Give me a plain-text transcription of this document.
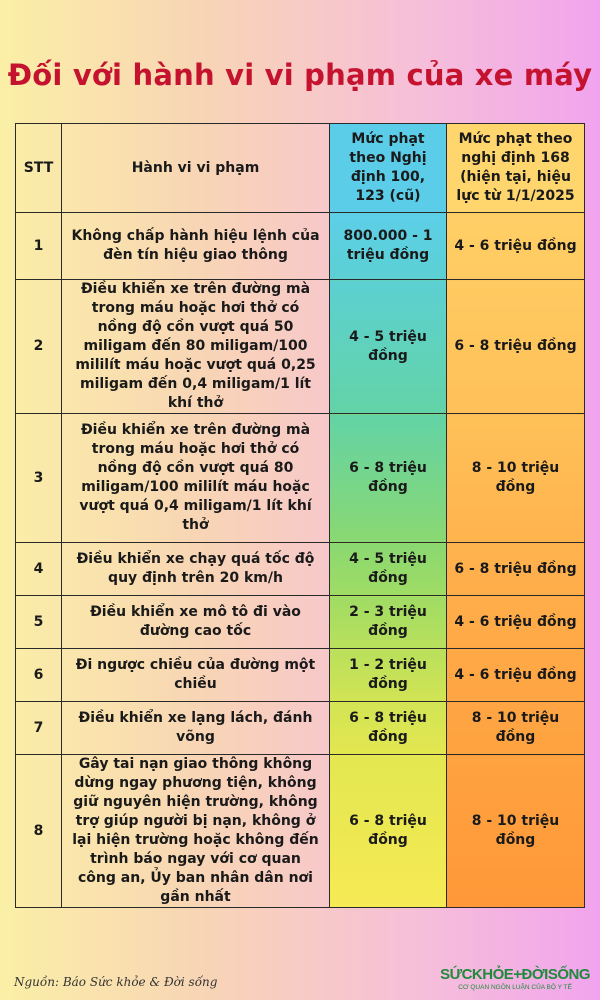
Đối với hành vi vi phạm của xe máy
STT	Hành vi vi phạm	Mức phạt theo Nghị định 100, 123 (cũ)	Mức phạt theo nghị định 168 (hiện tại, hiệu lực từ 1/1/2025
1	Không chấp hành hiệu lệnh của đèn tín hiệu giao thông	800.000 - 1 triệu đồng	4 - 6 triệu đồng
2	Điều khiển xe trên đường mà trong máu hoặc hơi thở có nồng độ cồn vượt quá 50 miligam đến 80 miligam/100 mililít máu hoặc vượt quá 0,25 miligam đến 0,4 miligam/1 lít khí thở	4 - 5 triệu đồng	6 - 8 triệu đồng
3	Điều khiển xe trên đường mà trong máu hoặc hơi thở có nồng độ cồn vượt quá 80 miligam/100 mililít máu hoặc vượt quá 0,4 miligam/1 lít khí thở	6 - 8 triệu đồng	8 - 10 triệu đồng
4	Điều khiển xe chạy quá tốc độ quy định trên 20 km/h	4 - 5 triệu đồng	6 - 8 triệu đồng
5	Điều khiển xe mô tô đi vào đường cao tốc	2 - 3 triệu đồng	4 - 6 triệu đồng
6	Đi ngược chiều của đường một chiều	1 - 2 triệu đồng	4 - 6 triệu đồng
7	Điều khiển xe lạng lách, đánh võng	6 - 8 triệu đồng	8 - 10 triệu đồng
8	Gây tai nạn giao thông không dừng ngay phương tiện, không giữ nguyên hiện trường, không trợ giúp người bị nạn, không ở lại hiện trường hoặc không đến trình báo ngay với cơ quan công an, Ủy ban nhân dân nơi gần nhất	6 - 8 triệu đồng	8 - 10 triệu đồng
Nguồn: Báo Sức khỏe & Đời sống	SỨCKHỎE+ĐỜISỐNG
CƠ QUAN NGÔN LUẬN CỦA BỘ Y TẾ
